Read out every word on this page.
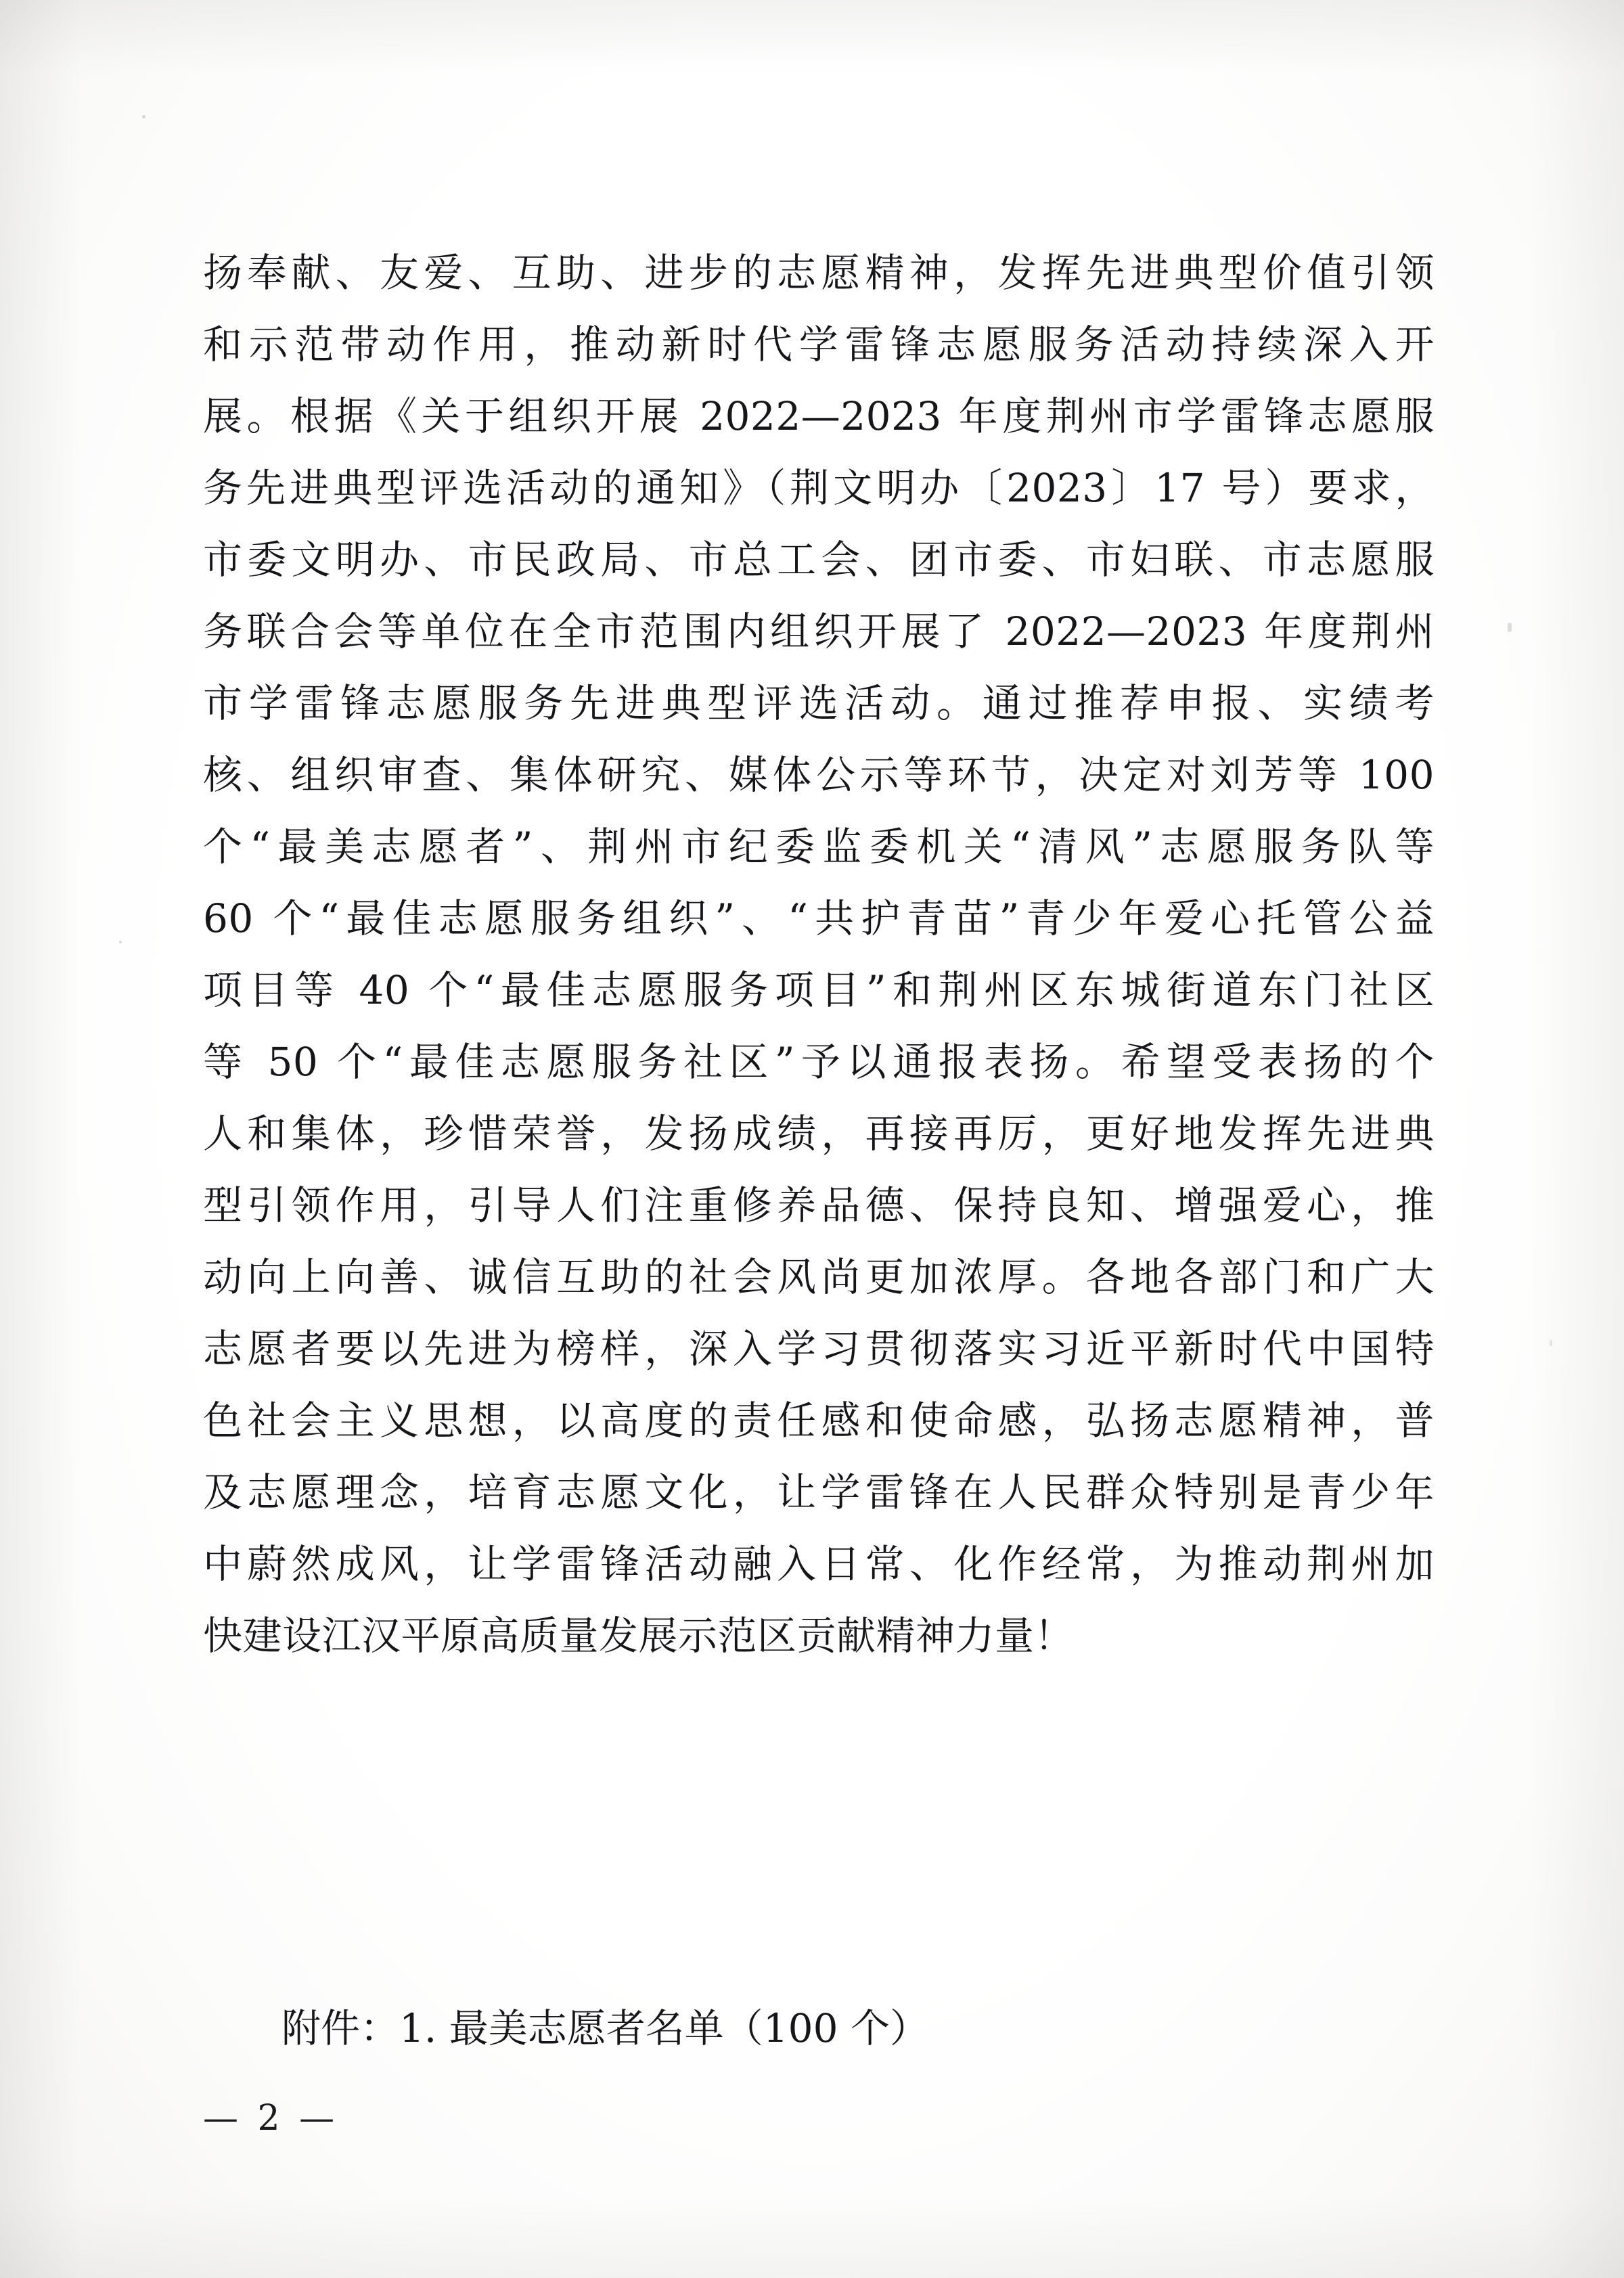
扬奉献、友爱、互助、进步的志愿精神，发挥先进典型价值引领
和示范带动作用，推动新时代学雷锋志愿服务活动持续深入开
展。根据《关于组织开展 2022—2023 年度荆州市学雷锋志愿服
务先进典型评选活动的通知》（荆文明办〔2023〕17 号）要求，
市委文明办、市民政局、市总工会、团市委、市妇联、市志愿服
务联合会等单位在全市范围内组织开展了 2022—2023 年度荆州
市学雷锋志愿服务先进典型评选活动。通过推荐申报、实绩考
核、组织审查、集体研究、媒体公示等环节，决定对刘芳等 100
个“最美志愿者”、荆州市纪委监委机关“清风”志愿服务队等
60 个“最佳志愿服务组织”、“共护青苗”青少年爱心托管公益
项目等 40 个“最佳志愿服务项目”和荆州区东城街道东门社区
等 50 个“最佳志愿服务社区”予以通报表扬。希望受表扬的个
人和集体，珍惜荣誉，发扬成绩，再接再厉，更好地发挥先进典
型引领作用，引导人们注重修养品德、保持良知、增强爱心，推
动向上向善、诚信互助的社会风尚更加浓厚。各地各部门和广大
志愿者要以先进为榜样，深入学习贯彻落实习近平新时代中国特
色社会主义思想，以高度的责任感和使命感，弘扬志愿精神，普
及志愿理念，培育志愿文化，让学雷锋在人民群众特别是青少年
中蔚然成风，让学雷锋活动融入日常、化作经常，为推动荆州加
快建设江汉平原高质量发展示范区贡献精神力量！
附件：1. 最美志愿者名单（100 个）
— 2 —
